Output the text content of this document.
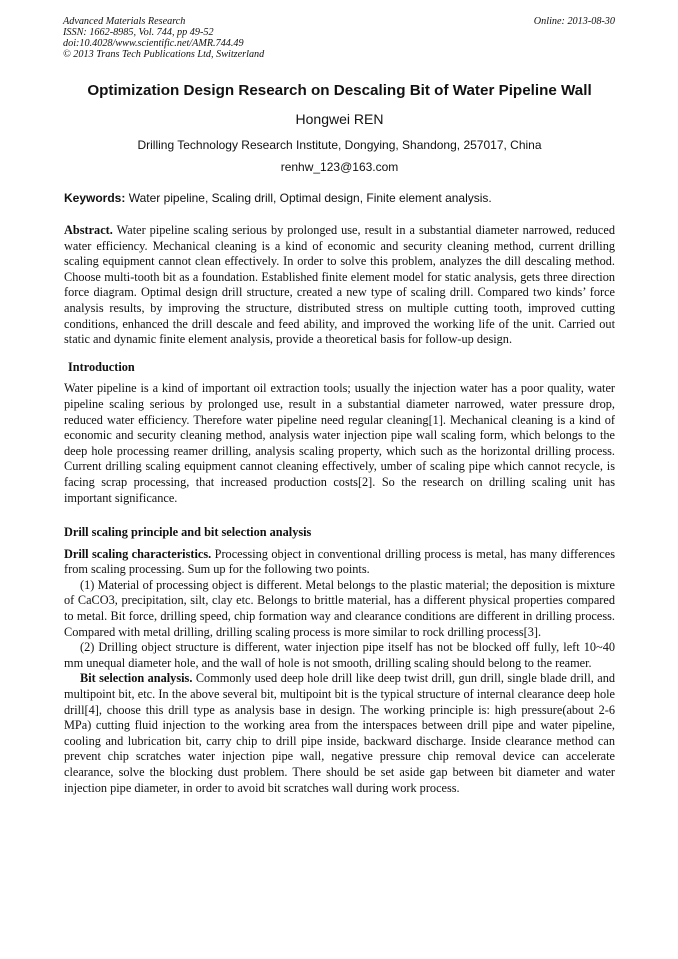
Advanced Materials Research
ISSN: 1662-8985, Vol. 744, pp 49-52
doi:10.4028/www.scientific.net/AMR.744.49
© 2013 Trans Tech Publications Ltd, Switzerland
Online: 2013-08-30
Optimization Design Research on Descaling Bit of Water Pipeline Wall
Hongwei REN
Drilling Technology Research Institute, Dongying, Shandong, 257017, China
renhw_123@163.com
Keywords: Water pipeline, Scaling drill, Optimal design, Finite element analysis.

Abstract. Water pipeline scaling serious by prolonged use, result in a substantial diameter narrowed, reduced water efficiency. Mechanical cleaning is a kind of economic and security cleaning method, current drilling scaling equipment cannot clean effectively. In order to solve this problem, analyzes the dill descaling method. Choose multi-tooth bit as a foundation. Established finite element model for static analysis, gets three direction force diagram. Optimal design drill structure, created a new type of scaling drill. Compared two kinds’ force analysis results, by improving the structure, distributed stress on multiple cutting tooth, improved cutting conditions, enhanced the drill descale and feed ability, and improved the working life of the unit. Carried out static and dynamic finite element analysis, provide a theoretical basis for follow-up design.

Introduction

Water pipeline is a kind of important oil extraction tools; usually the injection water has a poor quality, water pipeline scaling serious by prolonged use, result in a substantial diameter narrowed, water pressure drop, reduced water efficiency. Therefore water pipeline need regular cleaning[1]. Mechanical cleaning is a kind of economic and security cleaning method, analysis water injection pipe wall scaling form, which belongs to the deep hole processing reamer drilling, analysis scaling property, which such as the horizontal drilling process. Current drilling scaling equipment cannot cleaning effectively, umber of scaling pipe which cannot recycle, is facing scrap processing, that increased production costs[2]. So the research on drilling scaling unit has important significance.

Drill scaling principle and bit selection analysis

Drill scaling characteristics. Processing object in conventional drilling process is metal, has many differences from scaling processing. Sum up for the following two points.

(1) Material of processing object is different. Metal belongs to the plastic material; the deposition is mixture of CaCO3, precipitation, silt, clay etc. Belongs to brittle material, has a different physical properties compared to metal. Bit force, drilling speed, chip formation way and clearance conditions are different in drilling process. Compared with metal drilling, drilling scaling process is more similar to rock drilling process[3].

(2) Drilling object structure is different, water injection pipe itself has not be blocked off fully, left 10~40 mm unequal diameter hole, and the wall of hole is not smooth, drilling scaling should belong to the reamer.

Bit selection analysis. Commonly used deep hole drill like deep twist drill, gun drill, single blade drill, and multipoint bit, etc. In the above several bit, multipoint bit is the typical structure of internal clearance deep hole drill[4], choose this drill type as analysis base in design. The working principle is: high pressure(about 2-6 MPa) cutting fluid injection to the working area from the interspaces between drill pipe and water pipeline, cooling and lubrication bit, carry chip to drill pipe inside, backward discharge. Inside clearance method can prevent chip scratches water injection pipe wall, negative pressure chip removal device can accelerate clearance, solve the blocking dust problem. There should be set aside gap between bit diameter and water injection pipe diameter, in order to avoid bit scratches wall during work process.
